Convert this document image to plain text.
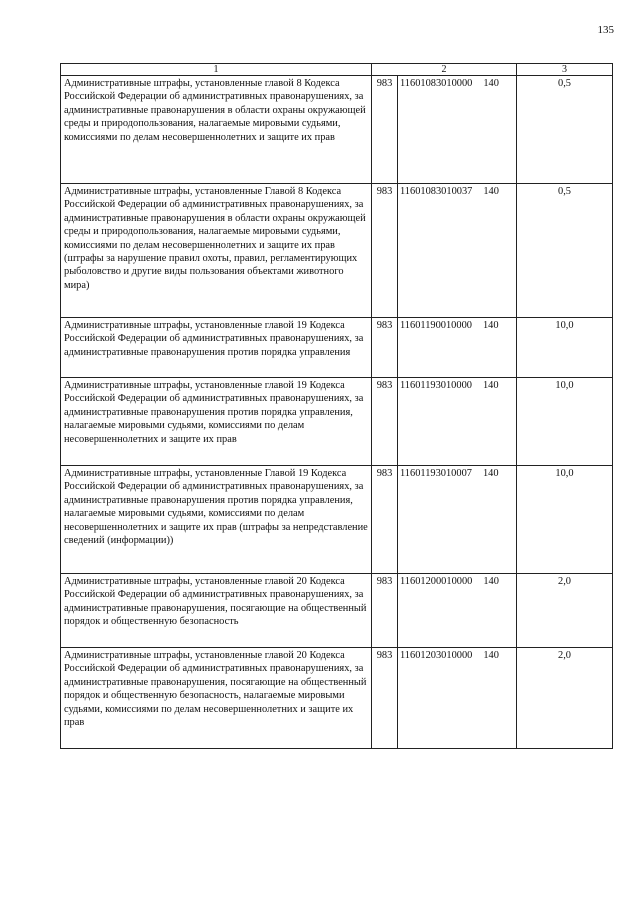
135
1	2		3
Административные штрафы, установленные главой 8 Кодекса Российской Федерации об административных правонарушениях, за административные правонарушения в области охраны окружающей среды и природопользования, налагаемые мировыми судьями, комиссиями по делам несовершеннолетних и защите их прав	983	11601083010000 140	0,5
Административные штрафы, установленные Главой 8 Кодекса Российской Федерации об административных правонарушениях, за административные правонарушения в области охраны окружающей среды и природопользования, налагаемые мировыми судьями, комиссиями по делам несовершеннолетних и защите их прав (штрафы за нарушение правил охоты, правил, регламентирующих рыболовство и другие виды пользования объектами животного мира)	983	11601083010037 140	0,5
Административные штрафы, установленные главой 19 Кодекса Российской Федерации об административных правонарушениях, за административные правонарушения против порядка управления	983	11601190010000 140	10,0
Административные штрафы, установленные главой 19 Кодекса Российской Федерации об административных правонарушениях, за административные правонарушения против порядка управления, налагаемые мировыми судьями, комиссиями по делам несовершеннолетних и защите их прав	983	11601193010000 140	10,0
Административные штрафы, установленные Главой 19 Кодекса Российской Федерации об административных правонарушениях, за административные правонарушения против порядка управления, налагаемые мировыми судьями, комиссиями по делам несовершеннолетних и защите их прав (штрафы за непредставление сведений (информации))	983	11601193010007 140	10,0
Административные штрафы, установленные главой 20 Кодекса Российской Федерации об административных правонарушениях, за административные правонарушения, посягающие на общественный порядок и общественную безопасность	983	11601200010000 140	2,0
Административные штрафы, установленные главой 20 Кодекса Российской Федерации об административных правонарушениях, за административные правонарушения, посягающие на общественный порядок и общественную безопасность, налагаемые мировыми судьями, комиссиями по делам несовершеннолетних и защите их прав	983	11601203010000 140	2,0
